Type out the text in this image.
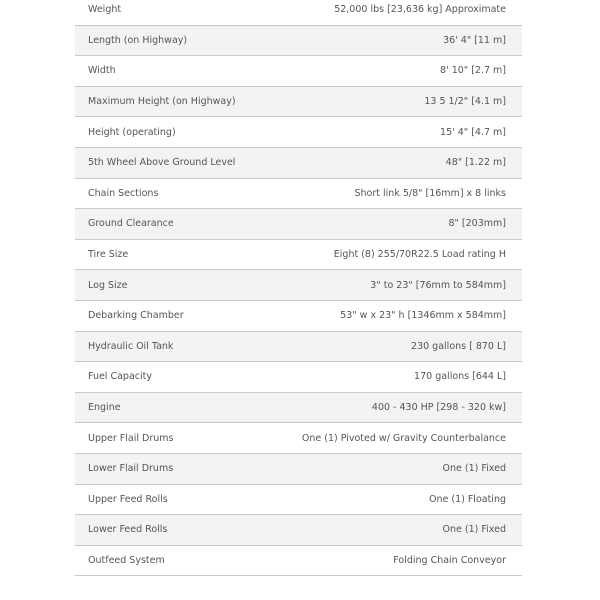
Weight	52,000 lbs [23,636 kg] Approximate
Length (on Highway)	36' 4" [11 m]
Width	8' 10" [2.7 m]
Maximum Height (on Highway)	13 5 1/2" [4.1 m]
Height (operating)	15' 4" [4.7 m]
5th Wheel Above Ground Level	48" [1.22 m]
Chain Sections	Short link 5/8" [16mm] x 8 links
Ground Clearance	8" [203mm]
Tire Size	Eight (8) 255/70R22.5 Load rating H
Log Size	3" to 23" [76mm to 584mm]
Debarking Chamber	53" w x 23" h [1346mm x 584mm]
Hydraulic Oil Tank	230 gallons [ 870 L]
Fuel Capacity	170 gallons [644 L]
Engine	400 - 430 HP [298 - 320 kw]
Upper Flail Drums	One (1) Pivoted w/ Gravity Counterbalance
Lower Flail Drums	One (1) Fixed
Upper Feed Rolls	One (1) Floating
Lower Feed Rolls	One (1) Fixed
Outfeed System	Folding Chain Conveyor
